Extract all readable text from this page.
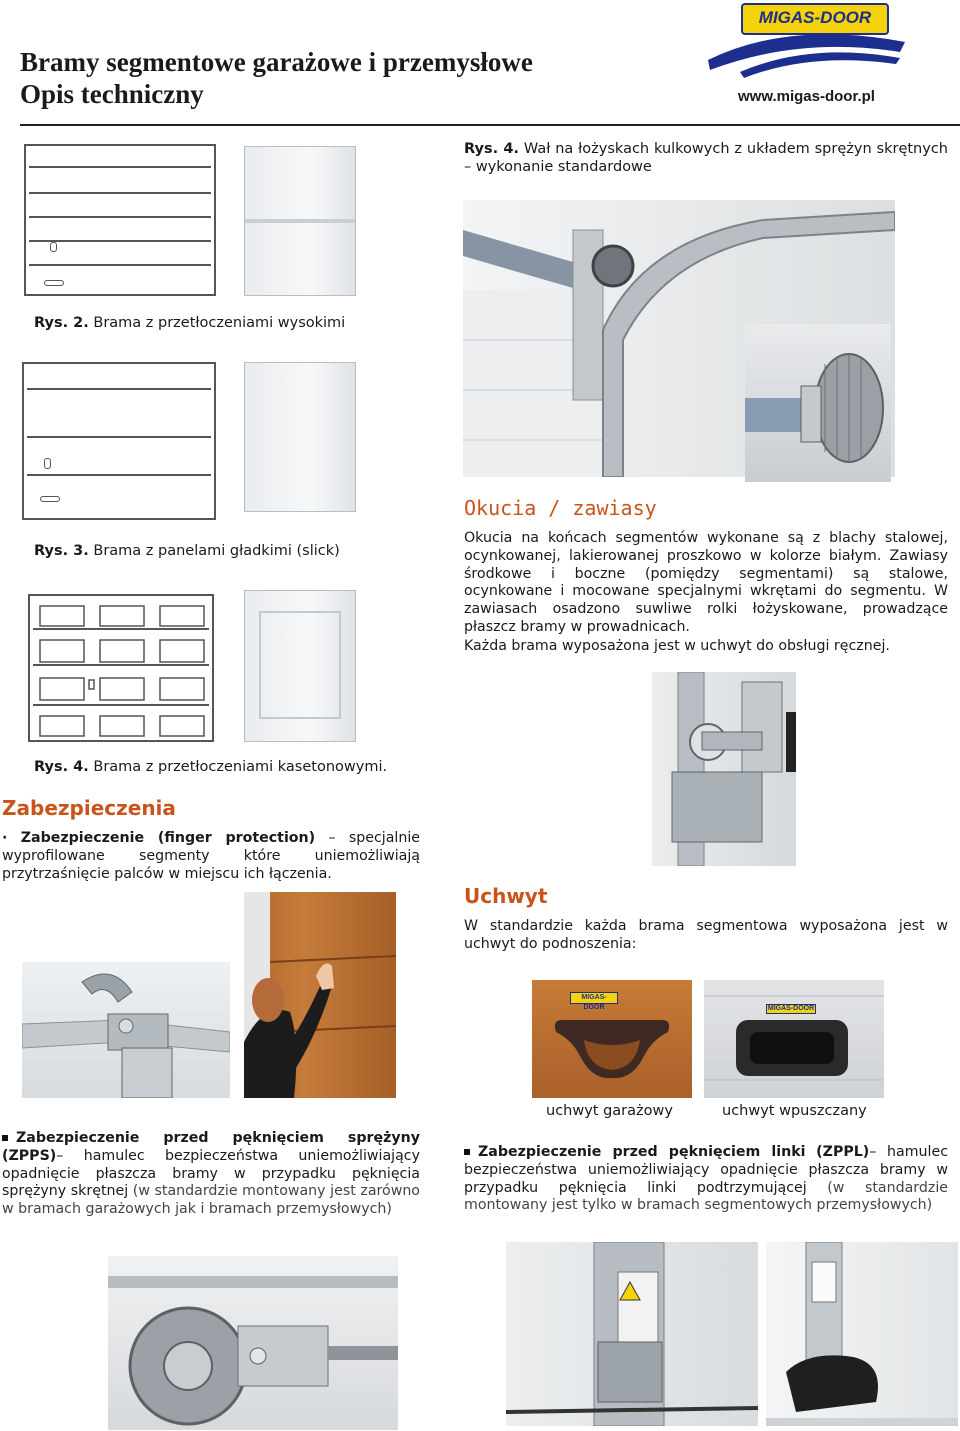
Bramy segmentowe garażowe i przemysłowe
Opis techniczny
MIGAS-DOOR
www.migas-door.pl
Rys. 2. Brama z przetłoczeniami wysokimi
Rys. 3. Brama z panelami gładkimi (slick)
Rys. 4. Brama z przetłoczeniami kasetonowymi.
Zabezpieczenia
· Zabezpieczenie (finger protection) – specjalnie wyprofilowane segmenty które uniemożliwiają przytrzaśnięcie palców w miejscu ich łączenia.
Zabezpieczenie przed pęknięciem sprężyny (ZPPS)– hamulec bezpieczeństwa uniemożliwiający opadnięcie płaszcza bramy w przypadku pęknięcia sprężyny skrętnej (w standardzie montowany jest zarówno w bramach garażowych jak i bramach przemysłowych)
Rys. 4. Wał na łożyskach kulkowych z układem sprężyn skrętnych – wykonanie standardowe
Okucia / zawiasy
Okucia na końcach segmentów wykonane są z blachy stalowej, ocynkowanej, lakierowanej proszkowo w kolorze białym. Zawiasy środkowe i boczne (pomiędzy segmentami) są stalowe, ocynkowane i mocowane specjalnymi wkrętami do segmentu. W zawiasach osadzono suwliwe rolki łożyskowane, prowadzące płaszcz bramy w prowadnicach.
Każda brama wyposażona jest w uchwyt do obsługi ręcznej.
Uchwyt
W standardzie każda brama segmentowa wyposażona jest w uchwyt do podnoszenia:
MIGAS-DOOR	MIGAS-DOOR
uchwyt garażowy	uchwyt wpuszczany
Zabezpieczenie przed pęknięciem linki (ZPPL)– hamulec bezpieczeństwa uniemożliwiający opadnięcie płaszcza bramy w przypadku pęknięcia linki podtrzymującej (w standardzie montowany jest tylko w bramach segmentowych przemysłowych)
